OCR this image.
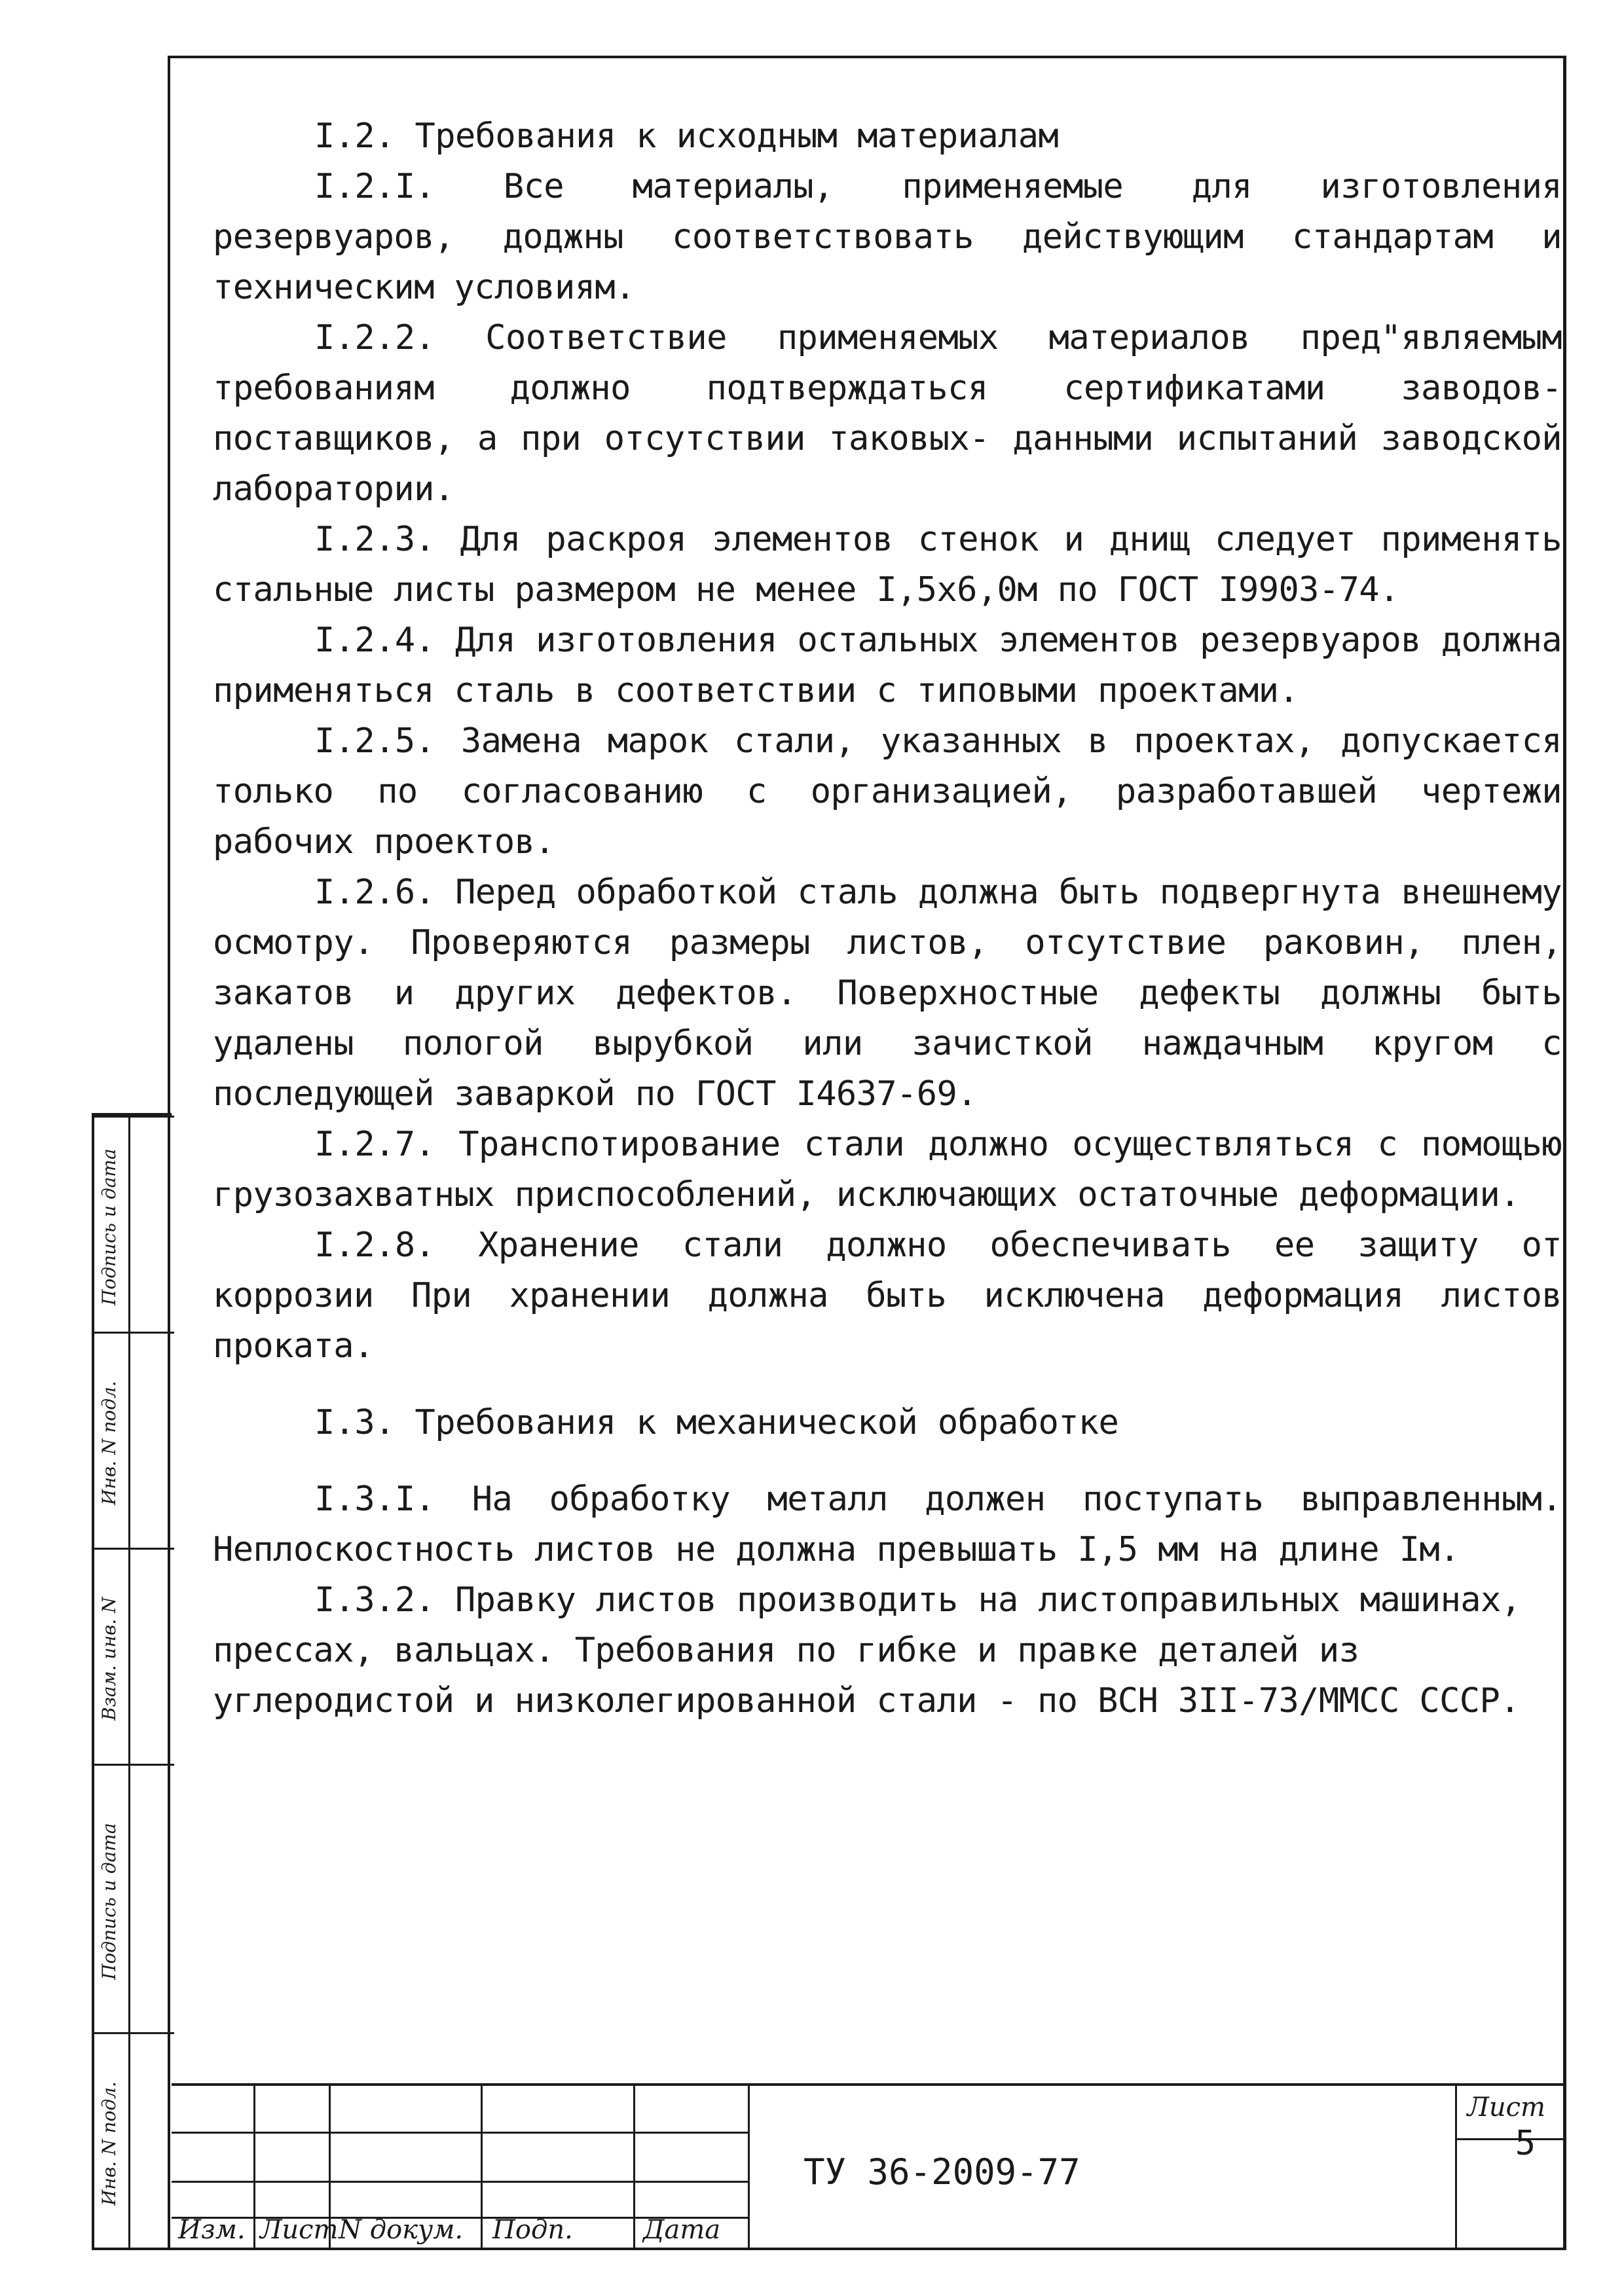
I.2. Требования к исходным материалам

I.2.I. Все материалы, применяемые для изготовления резервуаров, доджны соответствовать действующим стандартам и техническим условиям.

I.2.2. Соответствие применяемых материалов пред"являемым требованиям должно подтверждаться сертификатами заводов-поставщиков, а при отсутствии таковых- данными испытаний заводской лаборатории.

I.2.3. Для раскроя элементов стенок и днищ следует применять стальные листы размером не менее I,5x6,0м по ГОСТ I9903-74.

I.2.4. Для изготовления остальных элементов резервуаров должна применяться сталь в соответствии с типовыми проектами.

I.2.5. Замена марок стали, указанных в проектах, допускается только по согласованию с организацией, разработавшей чертежи рабочих проектов.

I.2.6. Перед обработкой сталь должна быть подвергнута внешнему осмотру. Проверяются размеры листов, отсутствие раковин, плен, закатов и других дефектов. Поверхностные дефекты должны быть удалены пологой вырубкой или зачисткой наждачным кругом с последующей заваркой по ГОСТ I4637-69.

I.2.7. Транспотирование стали должно осуществляться с помощью грузозахватных приспособлений, исключающих остаточные деформации.

I.2.8. Хранение стали должно обеспечивать ее защиту от коррозии При хранении должна быть исключена деформация листов проката.

I.3. Требования к механической обработке

I.3.I. На обработку металл должен поступать выправленным. Неплоскостность листов не должна превышать I,5 мм на длине Iм.

I.3.2. Правку листов производить на листоправильных машинах, прессах, вальцах. Требования по гибке и правке деталей из углеродистой и низколегированной стали - по ВСН 3II-73/ММСС СССР.

Подпись и дата
Инв. N подл.
Взам. инв. N
Подпись и дата
Инв. N подл.
Изм. Лист N докум. Подп.	Дата
ТУ 36-2009-77
Лист
5
